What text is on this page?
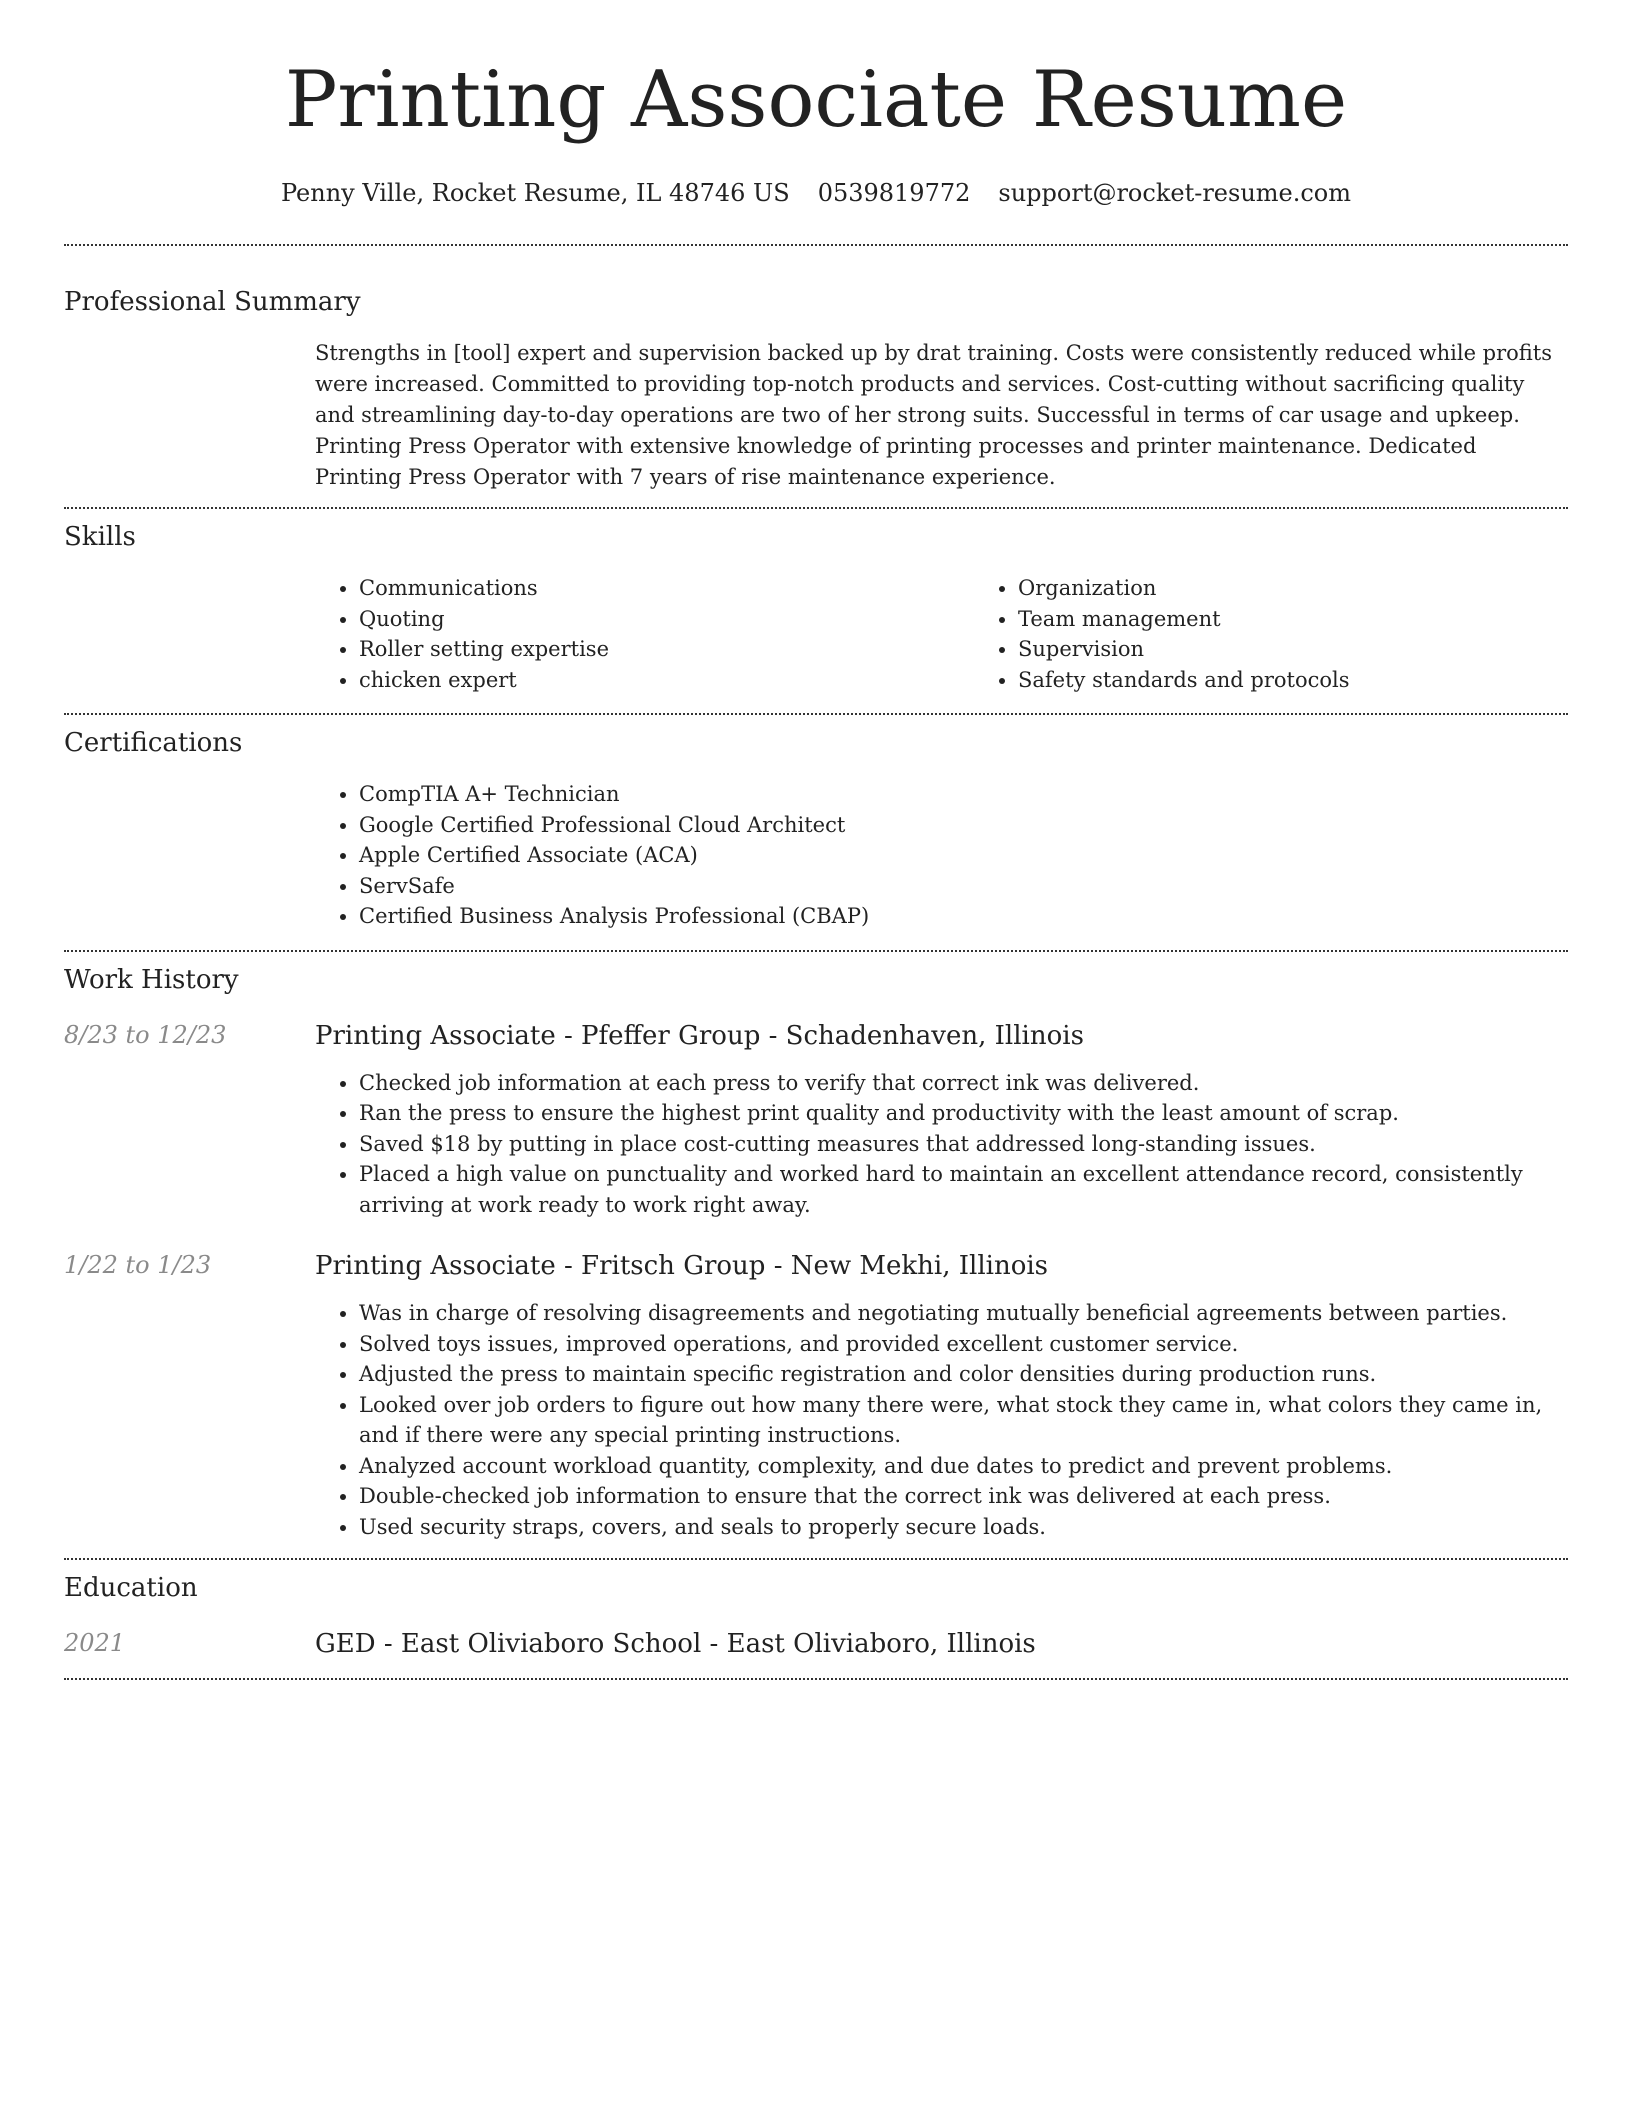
Printing Associate Resume
Penny Ville, Rocket Resume, IL 48746 US 0539819772 support@rocket-resume.com
Professional Summary

Strengths in [tool] expert and supervision backed up by drat training. Costs were consistently reduced while profits were increased. Committed to providing top-notch products and services. Cost-cutting without sacrificing quality and streamlining day-to-day operations are two of her strong suits. Successful in terms of car usage and upkeep. Printing Press Operator with extensive knowledge of printing processes and printer maintenance. Dedicated Printing Press Operator with 7 years of rise maintenance experience.

Skills
• Communications
• Quoting
• Roller setting expertise
• chicken expert
• Organization
• Team management
• Supervision
• Safety standards and protocols
Certifications
• CompTIA A+ Technician
• Google Certified Professional Cloud Architect
• Apple Certified Associate (ACA)
• ServSafe
• Certified Business Analysis Professional (CBAP)
Work History
8/23 to 12/23	Printing Associate - Pfeffer Group - Schadenhaven, Illinois
• Checked job information at each press to verify that correct ink was delivered.
• Ran the press to ensure the highest print quality and productivity with the least amount of scrap.
• Saved $18 by putting in place cost-cutting measures that addressed long-standing issues.
• Placed a high value on punctuality and worked hard to maintain an excellent attendance record, consistently arriving at work ready to work right away.
1/22 to 1/23	Printing Associate - Fritsch Group - New Mekhi, Illinois
• Was in charge of resolving disagreements and negotiating mutually beneficial agreements between parties.
• Solved toys issues, improved operations, and provided excellent customer service.
• Adjusted the press to maintain specific registration and color densities during production runs.
• Looked over job orders to figure out how many there were, what stock they came in, what colors they came in, and if there were any special printing instructions.
• Analyzed account workload quantity, complexity, and due dates to predict and prevent problems.
• Double-checked job information to ensure that the correct ink was delivered at each press.
• Used security straps, covers, and seals to properly secure loads.
Education
2021	GED - East Oliviaboro School - East Oliviaboro, Illinois
